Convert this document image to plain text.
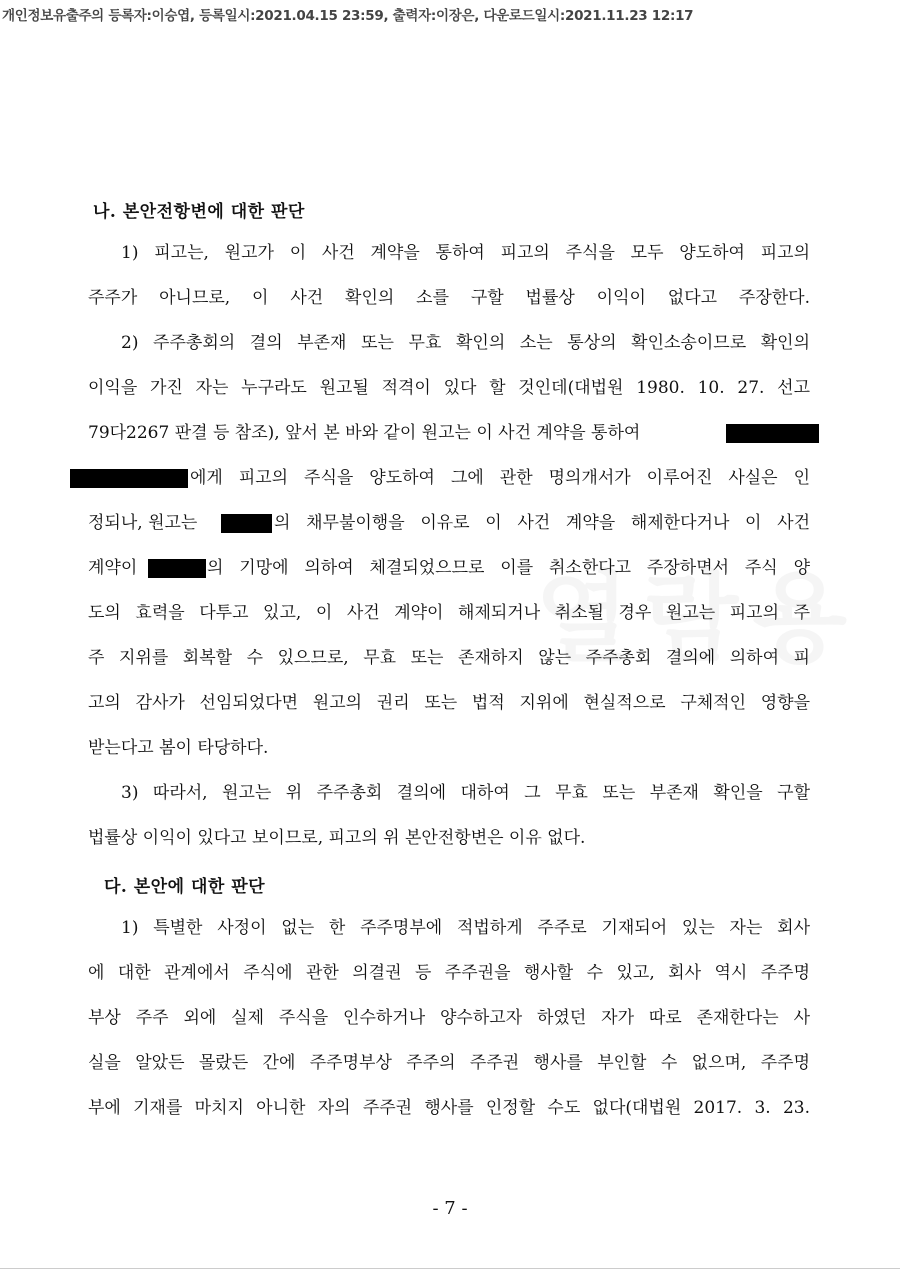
개인정보유출주의 등록자:이승엽, 등록일시:2021.04.15 23:59, 출력자:이장은, 다운로드일시:2021.11.23 12:17
나. 본안전항변에 대한 판단
1) 피고는, 원고가 이 사건 계약을 통하여 피고의 주식을 모두 양도하여 피고의
주주가 아니므로, 이 사건 확인의 소를 구할 법률상 이익이 없다고 주장한다.
2) 주주총회의 결의 부존재 또는 무효 확인의 소는 통상의 확인소송이므로 확인의
이익을 가진 자는 누구라도 원고될 적격이 있다 할 것인데(대법원 1980. 10. 27. 선고
79다2267 판결 등 참조), 앞서 본 바와 같이 원고는 이 사건 계약을 통하여
에게 피고의 주식을 양도하여 그에 관한 명의개서가 이루어진 사실은 인
정되나, 원고는	의 채무불이행을 이유로 이 사건 계약을 해제한다거나 이 사건
계약이	의 기망에 의하여 체결되었으므로 이를 취소한다고 주장하면서 주식 양
도의 효력을 다투고 있고, 이 사건 계약이 해제되거나 취소될 경우 원고는 피고의 주
주 지위를 회복할 수 있으므로, 무효 또는 존재하지 않는 주주총회 결의에 의하여 피
고의 감사가 선임되었다면 원고의 권리 또는 법적 지위에 현실적으로 구체적인 영향을
받는다고 봄이 타당하다.
3) 따라서, 원고는 위 주주총회 결의에 대하여 그 무효 또는 부존재 확인을 구할
법률상 이익이 있다고 보이므로, 피고의 위 본안전항변은 이유 없다.
다. 본안에 대한 판단
1) 특별한 사정이 없는 한 주주명부에 적법하게 주주로 기재되어 있는 자는 회사
에 대한 관계에서 주식에 관한 의결권 등 주주권을 행사할 수 있고, 회사 역시 주주명
부상 주주 외에 실제 주식을 인수하거나 양수하고자 하였던 자가 따로 존재한다는 사
실을 알았든 몰랐든 간에 주주명부상 주주의 주주권 행사를 부인할 수 없으며, 주주명
부에 기재를 마치지 아니한 자의 주주권 행사를 인정할 수도 없다(대법원 2017. 3. 23.
- 7 -
